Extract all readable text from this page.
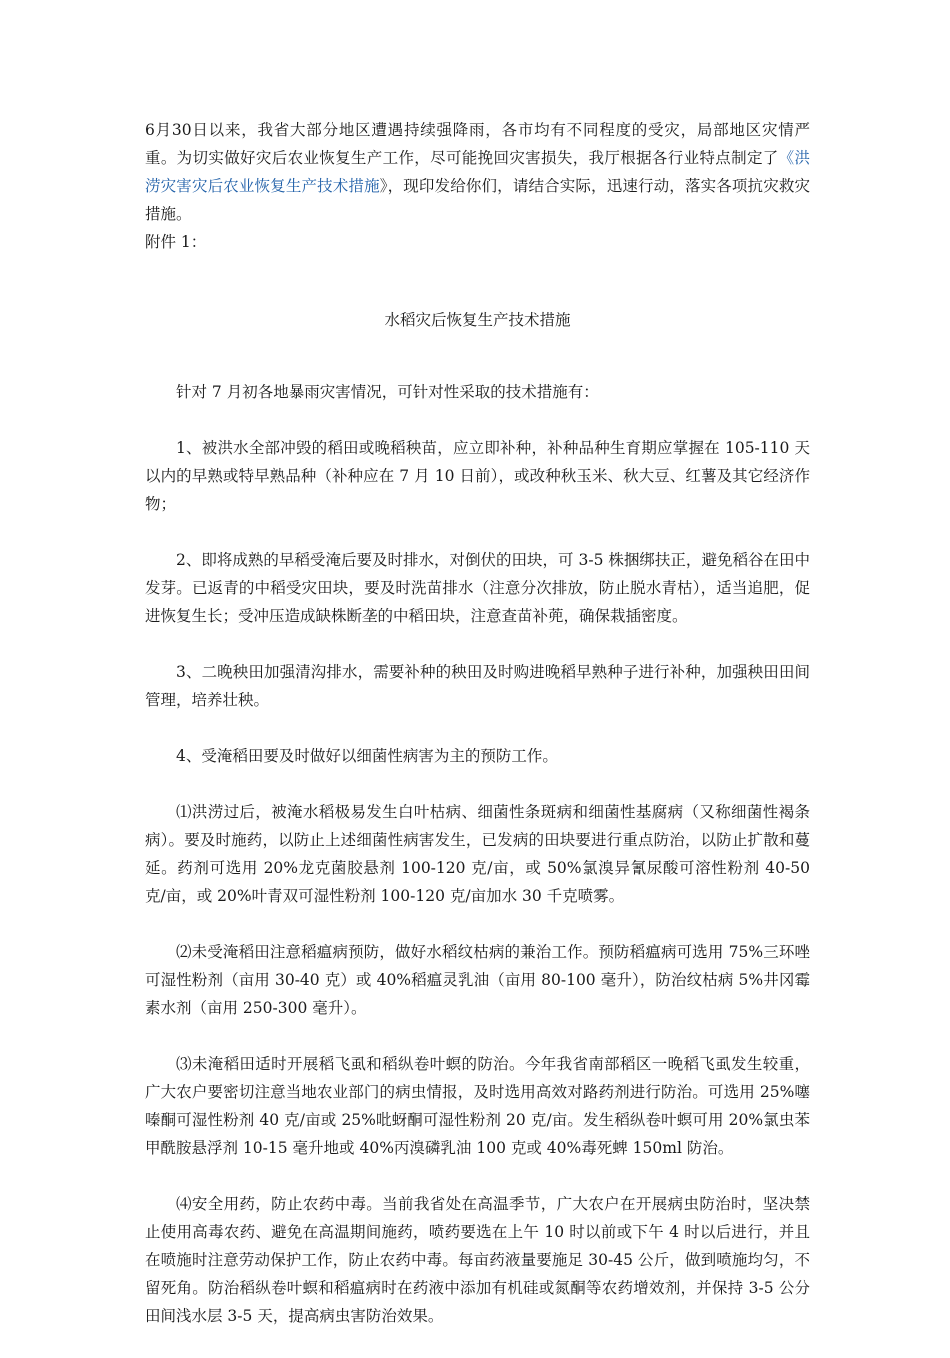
6月30日以来，我省大部分地区遭遇持续强降雨，各市均有不同程度的受灾，局部地区灾情严重。为切实做好灾后农业恢复生产工作，尽可能挽回灾害损失，我厅根据各行业特点制定了《洪涝灾害灾后农业恢复生产技术措施》，现印发给你们，请结合实际，迅速行动，落实各项抗灾救灾措施。

附件 1：

水稻灾后恢复生产技术措施

针对 7 月初各地暴雨灾害情况，可针对性采取的技术措施有：

1、被洪水全部冲毁的稻田或晚稻秧苗，应立即补种，补种品种生育期应掌握在 105-110 天以内的早熟或特早熟品种（补种应在 7 月 10 日前），或改种秋玉米、秋大豆、红薯及其它经济作物；

2、即将成熟的早稻受淹后要及时排水，对倒伏的田块，可 3-5 株捆绑扶正，避免稻谷在田中发芽。已返青的中稻受灾田块，要及时洗苗排水（注意分次排放，防止脱水青枯），适当追肥，促进恢复生长；受冲压造成缺株断垄的中稻田块，注意查苗补蔸，确保栽插密度。

3、二晚秧田加强清沟排水，需要补种的秧田及时购进晚稻早熟种子进行补种，加强秧田田间管理，培养壮秧。

4、受淹稻田要及时做好以细菌性病害为主的预防工作。

⑴洪涝过后，被淹水稻极易发生白叶枯病、细菌性条斑病和细菌性基腐病（又称细菌性褐条病）。要及时施药，以防止上述细菌性病害发生，已发病的田块要进行重点防治，以防止扩散和蔓延。药剂可选用 20%龙克菌胶悬剂 100-120 克/亩，或 50%氯溴异氰尿酸可溶性粉剂 40-50 克/亩，或 20%叶青双可湿性粉剂 100-120 克/亩加水 30 千克喷雾。

⑵未受淹稻田注意稻瘟病预防，做好水稻纹枯病的兼治工作。预防稻瘟病可选用 75%三环唑可湿性粉剂（亩用 30-40 克）或 40%稻瘟灵乳油（亩用 80-100 毫升），防治纹枯病 5%井冈霉素水剂（亩用 250-300 毫升）。

⑶未淹稻田适时开展稻飞虱和稻纵卷叶螟的防治。今年我省南部稻区一晚稻飞虱发生较重，广大农户要密切注意当地农业部门的病虫情报，及时选用高效对路药剂进行防治。可选用 25%噻嗪酮可湿性粉剂 40 克/亩或 25%吡蚜酮可湿性粉剂 20 克/亩。发生稻纵卷叶螟可用 20%氯虫苯甲酰胺悬浮剂 10-15 毫升地或 40%丙溴磷乳油 100 克或 40%毒死蜱 150ml 防治。

⑷安全用药，防止农药中毒。当前我省处在高温季节，广大农户在开展病虫防治时，坚决禁止使用高毒农药、避免在高温期间施药，喷药要选在上午 10 时以前或下午 4 时以后进行，并且在喷施时注意劳动保护工作，防止农药中毒。每亩药液量要施足 30-45 公斤，做到喷施均匀，不留死角。防治稻纵卷叶螟和稻瘟病时在药液中添加有机硅或氮酮等农药增效剂，并保持 3-5 公分田间浅水层 3-5 天，提高病虫害防治效果。
